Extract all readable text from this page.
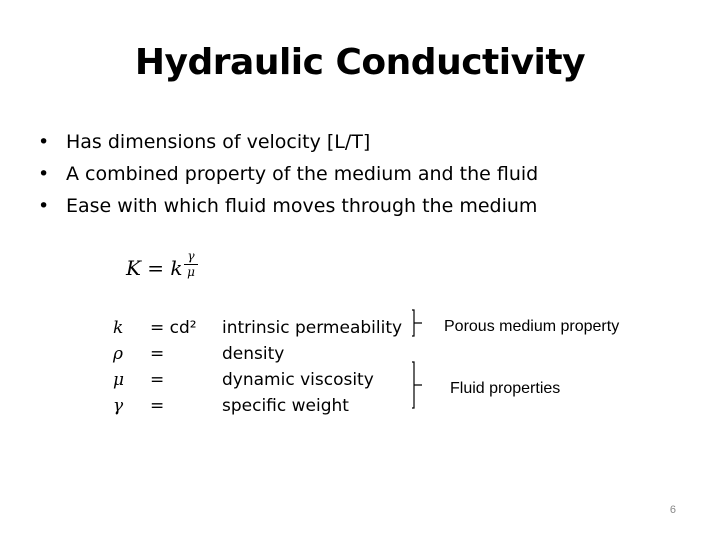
Hydraulic Conductivity
• Has dimensions of velocity [L/T]
• A combined property of the medium and the fluid
• Ease with which fluid moves through the medium
K = k γ
μ
k = cd² intrinsic permeability
ρ =	density
μ =	dynamic viscosity
γ =	specific weight
Porous medium property
Fluid properties
6
